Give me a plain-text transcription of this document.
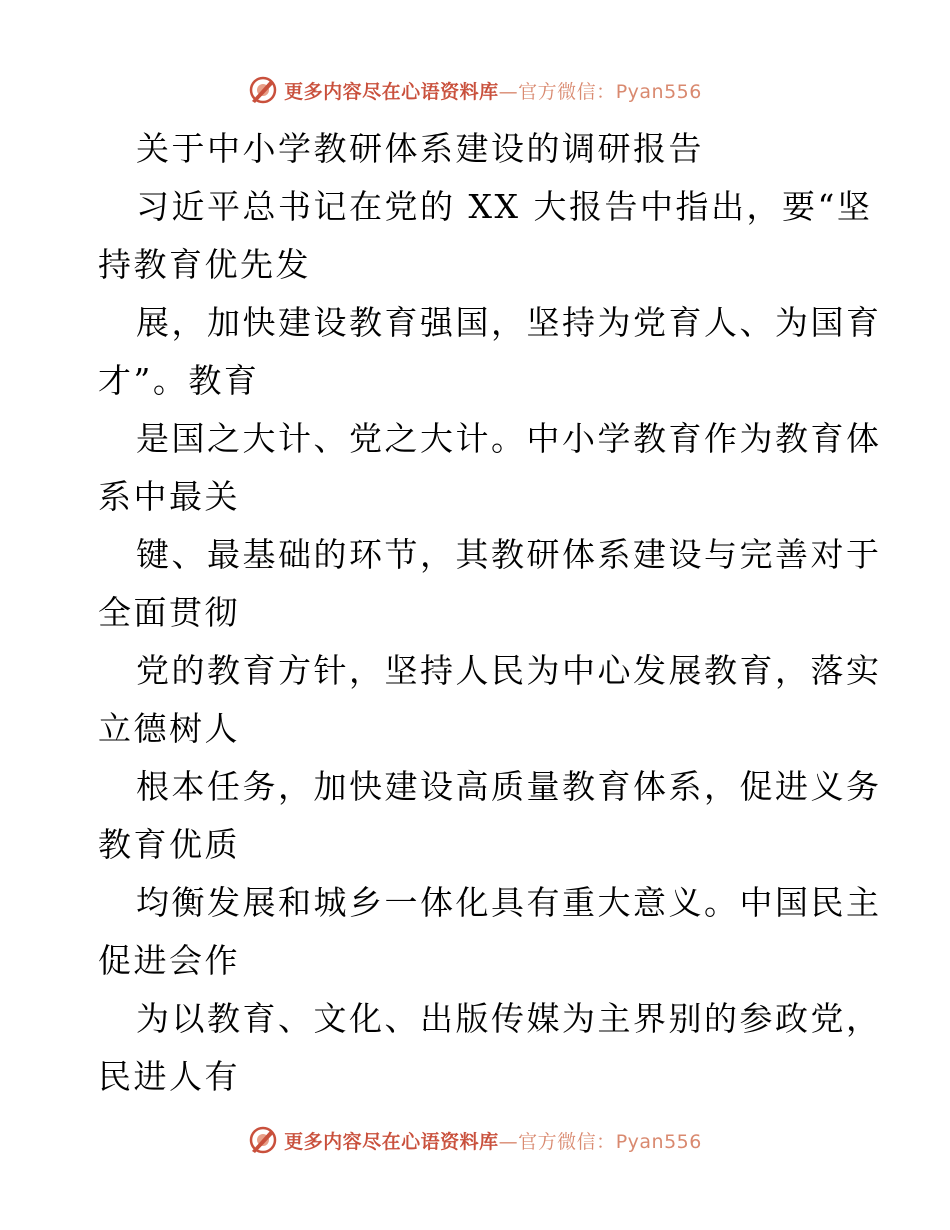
更多内容尽在心语资料库—官方微信：Pyan556
关于中小学教研体系建设的调研报告
习近平总书记在党的 XX 大报告中指出，要“坚
持教育优先发
展，加快建设教育强国，坚持为党育人、为国育
才”。教育
是国之大计、党之大计。中小学教育作为教育体
系中最关
键、最基础的环节，其教研体系建设与完善对于
全面贯彻
党的教育方针，坚持人民为中心发展教育，落实
立德树人
根本任务，加快建设高质量教育体系，促进义务
教育优质
均衡发展和城乡一体化具有重大意义。中国民主
促进会作
为以教育、文化、出版传媒为主界别的参政党，
民进人有
更多内容尽在心语资料库—官方微信：Pyan556
